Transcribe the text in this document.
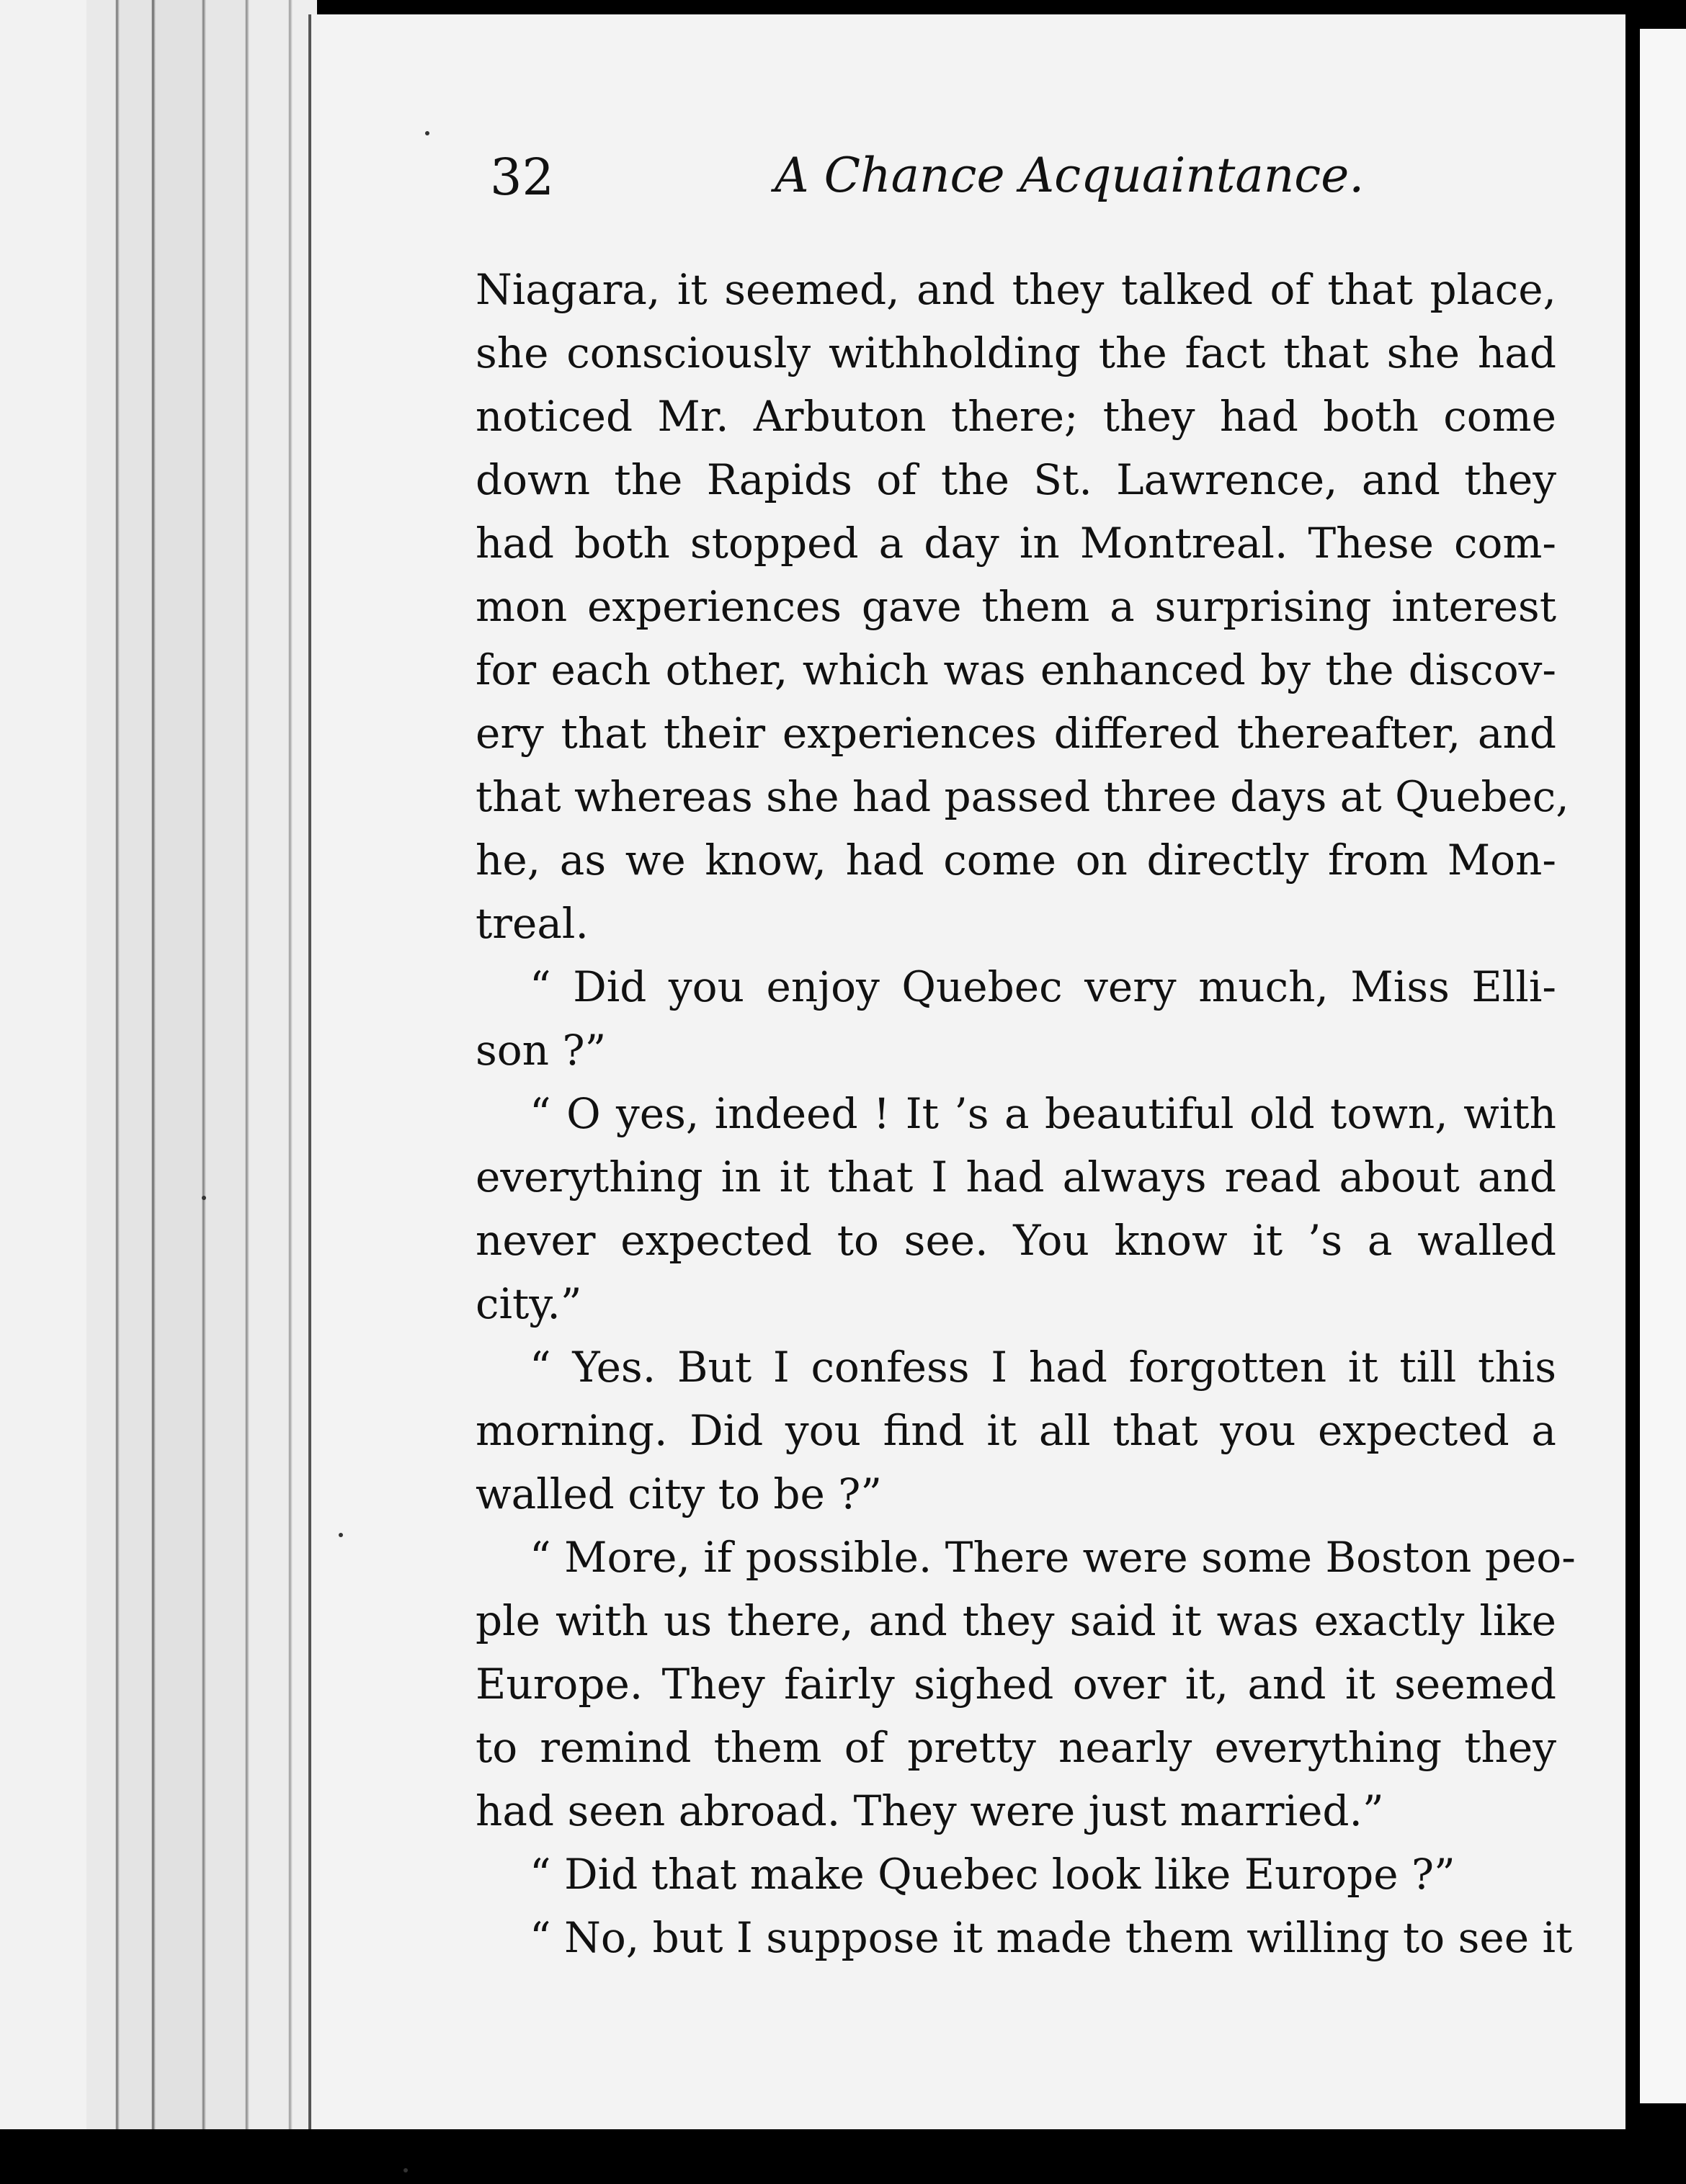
32	A Chance Acquaintance.
Niagara, it seemed, and they talked of that place,
she consciously withholding the fact that she had
noticed Mr. Arbuton there; they had both come
down the Rapids of the St. Lawrence, and they
had both stopped a day in Montreal. These com-
mon experiences gave them a surprising interest
for each other, which was enhanced by the discov-
ery that their experiences differed thereafter, and
that whereas she had passed three days at Quebec,
he, as we know, had come on directly from Mon-
treal.
“ Did you enjoy Quebec very much, Miss Elli-
son ?”
“ O yes, indeed ! It ’s a beautiful old town, with
everything in it that I had always read about and
never expected to see. You know it ’s a walled
city.”
“ Yes. But I confess I had forgotten it till this
morning. Did you find it all that you expected a
walled city to be ?”
“ More, if possible. There were some Boston peo-
ple with us there, and they said it was exactly like
Europe. They fairly sighed over it, and it seemed
to remind them of pretty nearly everything they
had seen abroad. They were just married.”
“ Did that make Quebec look like Europe ?”
“ No, but I suppose it made them willing to see it
